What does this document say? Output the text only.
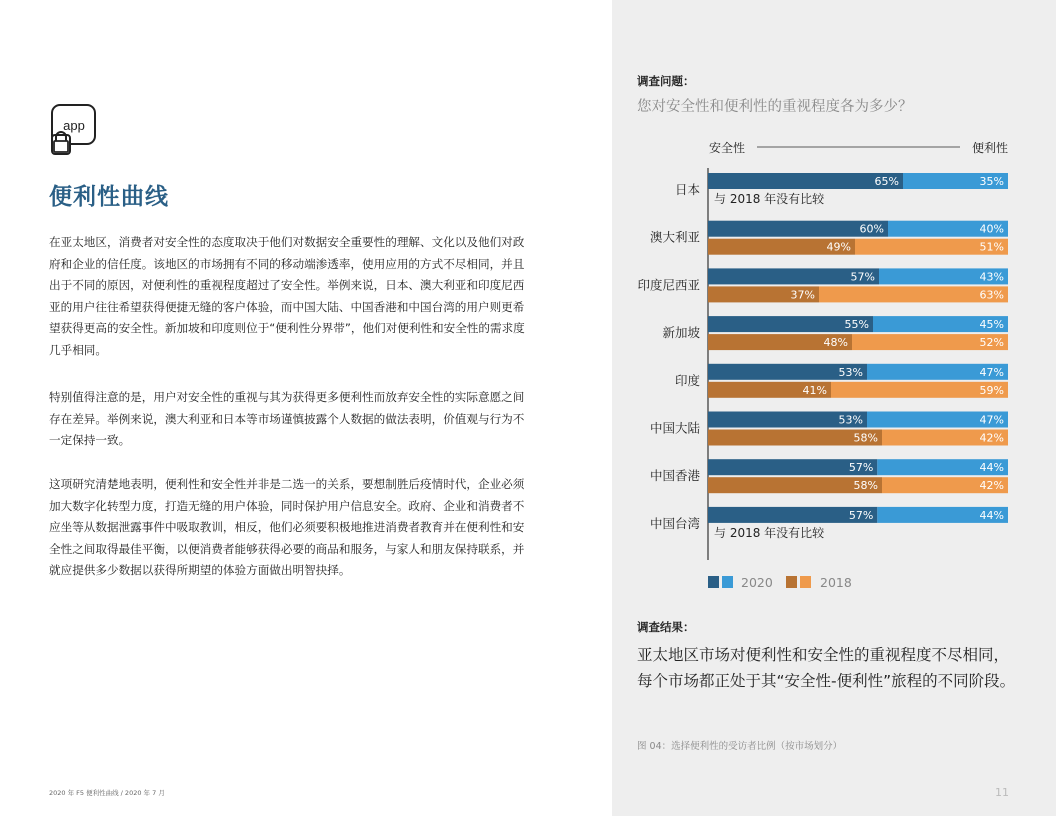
app
便利性曲线

在亚太地区，消费者对安全性的态度取决于他们对数据安全重要性的理解、文化以及他们对政府和企业的信任度。该地区的市场拥有不同的移动端渗透率，使用应用的方式不尽相同，并且出于不同的原因，对便利性的重视程度超过了安全性。举例来说，日本、澳大利亚和印度尼西亚的用户往往希望获得便捷无缝的客户体验，而中国大陆、中国香港和中国台湾的用户则更希望获得更高的安全性。新加坡和印度则位于“便利性分界带”，他们对便利性和安全性的需求度几乎相同。

特别值得注意的是，用户对安全性的重视与其为获得更多便利性而放弃安全性的实际意愿之间存在差异。举例来说，澳大利亚和日本等市场谨慎披露个人数据的做法表明，价值观与行为不一定保持一致。

这项研究清楚地表明，便利性和安全性并非是二选一的关系，要想制胜后疫情时代，企业必须加大数字化转型力度，打造无缝的用户体验，同时保护用户信息安全。政府、企业和消费者不应坐等从数据泄露事件中吸取教训，相反，他们必须要积极地推进消费者教育并在便利性和安全性之间取得最佳平衡，以便消费者能够获得必要的商品和服务，与家人和朋友保持联系，并就应提供多少数据以获得所期望的体验方面做出明智抉择。

2020 年 F5 便利性曲线 / 2020 年 7 月
调查问题：
您对安全性和便利性的重视程度各为多少？
安全性	便利性
日本
65%	35%
与 2018 年没有比较
澳大利亚
60%	40%
49%	51%
印度尼西亚
57%	43%
37%	63%
新加坡
55%	45%
48%	52%
印度
53%	47%
41%	59%
中国大陆
53%	47%
58%	42%
中国香港
57%	44%
58%	42%
中国台湾
57%	44%
与 2018 年没有比较
2020	2018
调查结果：

亚太地区市场对便利性和安全性的重视程度不尽相同，每个市场都正处于其“安全性-便利性”旅程的不同阶段。

图 04：选择便利性的受访者比例（按市场划分）
11
